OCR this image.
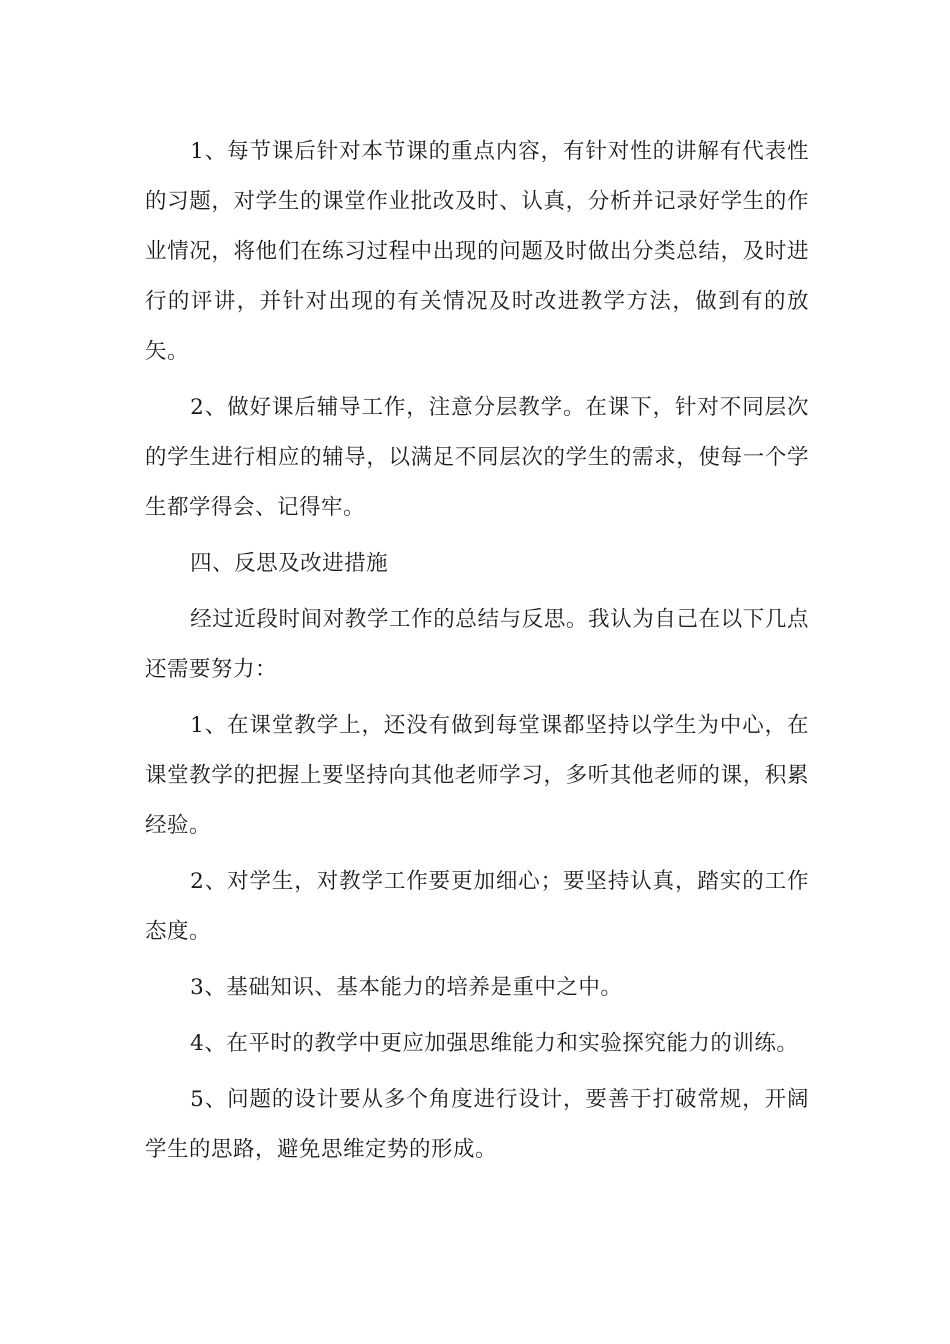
1、每节课后针对本节课的重点内容，有针对性的讲解有代表性的习题，对学生的课堂作业批改及时、认真，分析并记录好学生的作业情况，将他们在练习过程中出现的问题及时做出分类总结，及时进行的评讲，并针对出现的有关情况及时改进教学方法，做到有的放矢。

2、做好课后辅导工作，注意分层教学。在课下，针对不同层次的学生进行相应的辅导，以满足不同层次的学生的需求，使每一个学生都学得会、记得牢。

四、反思及改进措施

经过近段时间对教学工作的总结与反思。我认为自己在以下几点还需要努力：

1、在课堂教学上，还没有做到每堂课都坚持以学生为中心，在课堂教学的把握上要坚持向其他老师学习，多听其他老师的课，积累经验。

2、对学生，对教学工作要更加细心；要坚持认真，踏实的工作态度。

3、基础知识、基本能力的培养是重中之中。

4、在平时的教学中更应加强思维能力和实验探究能力的训练。

5、问题的设计要从多个角度进行设计，要善于打破常规，开阔学生的思路，避免思维定势的形成。
